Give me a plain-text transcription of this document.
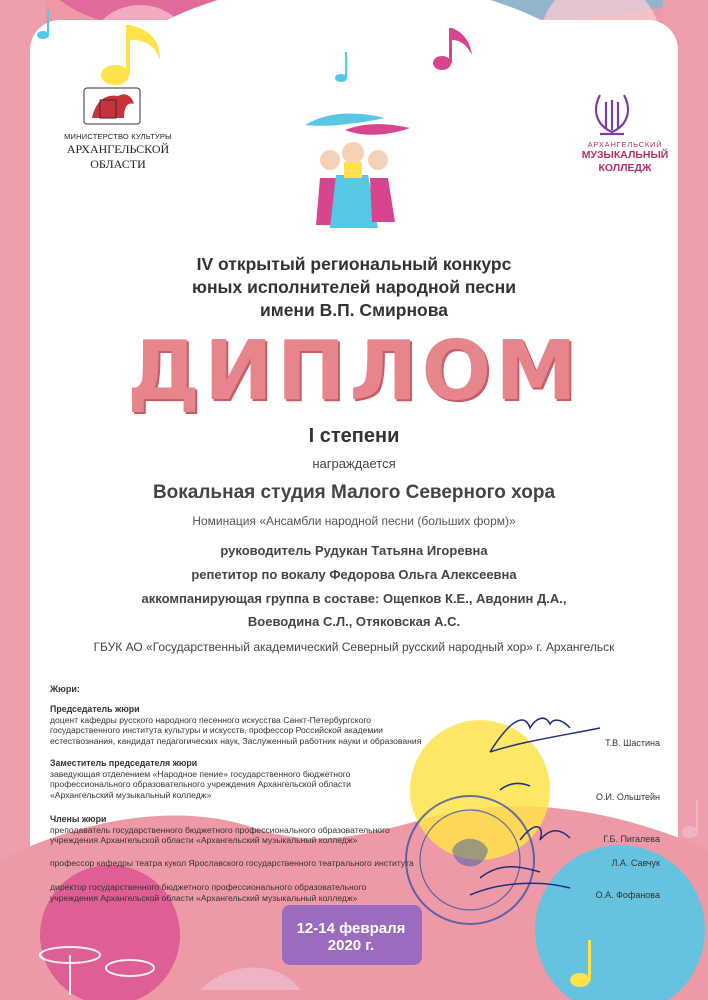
МИНИСТЕРСТВО КУЛЬТУРЫ
АРХАНГЕЛЬСКОЙ
ОБЛАСТИ
АРХАНГЕЛЬСКИЙ
МУЗЫКАЛЬНЫЙ
КОЛЛЕДЖ
IV открытый региональный конкурс
юных исполнителей народной песни
имени В.П. Смирнова
ДИПЛОМ
I степени
награждается
Вокальная студия Малого Северного хора
Номинация «Ансамбли народной песни (больших форм)»
руководитель Рудукан Татьяна Игоревна
репетитор по вокалу Федорова Ольга Алексеевна
аккомпанирующая группа в составе: Ощепков К.Е., Авдонин Д.А.,
Воеводина С.Л., Отяковская А.С.
ГБУК АО «Государственный академический Северный русский народный хор» г. Архангельск
Жюри:
Председатель жюри
доцент кафедры русского народного песенного искусства Санкт-Петербургского
государственного института культуры и искусств, профессор Российской академии
естествознания, кандидат педагогических наук, Заслуженный работник науки и образования	Т.В. Шастина
Заместитель председателя жюри
заведующая отделением «Народное пение» государственного бюджетного
профессионального образовательного учреждения Архангельской области
«Архангельский музыкальный колледж»	О.И. Ольштейн
Члены жюри
преподаватель государственного бюджетного профессионального образовательного
учреждения Архангельской области «Архангельский музыкальный колледж»	Г.Б. Пигалева
профессор кафедры театра кукол Ярославского государственного театрального института	Л.А. Савчук
директор государственного бюджетного профессионального образовательного
учреждения Архангельской области «Архангельский музыкальный колледж»	О.А. Фофанова
12-14 февраля
2020 г.
